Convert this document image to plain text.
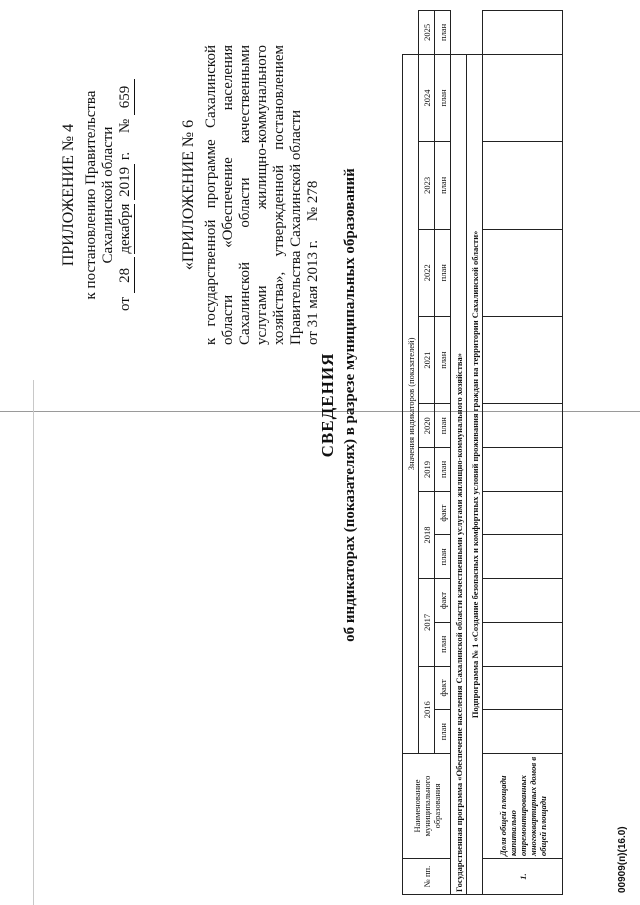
ПРИЛОЖЕНИЕ № 4 к постановлению Правительства Сахалинской области
от 28 декабря 2019 г.     № 659
«ПРИЛОЖЕНИЕ № 6 к государственной программе Сахалинской области «Обеспечение населения Сахалинской области качественными услугами жилищно-коммунального хозяйства», утвержденной постановлением Правительства Сахалинской области от 31 мая 2013 г.     № 278
СВЕДЕНИЯ об индикаторах (показателях) в разрезе муниципальных образований
№ пп.	Наименование муниципального образования	Значения индикаторов (показателей)												
		2016		2017		2018		2019	2020	2021	2022	2023	2024	2025
		план	факт	план	факт	план	факт	план	план	план	план	план	план	план
Государственная программа «Обеспечение населения Сахалинской области качественными услугами жилищно-коммунального хозяйства»														
Подпрограмма № 1 «Создание безопасных и комфортных условий проживания граждан на территории Сахалинской области»														
1.	Доля общей площади капитально отремонтированных многоквартирных домов в общей площади													
00909(п)(16.0)
